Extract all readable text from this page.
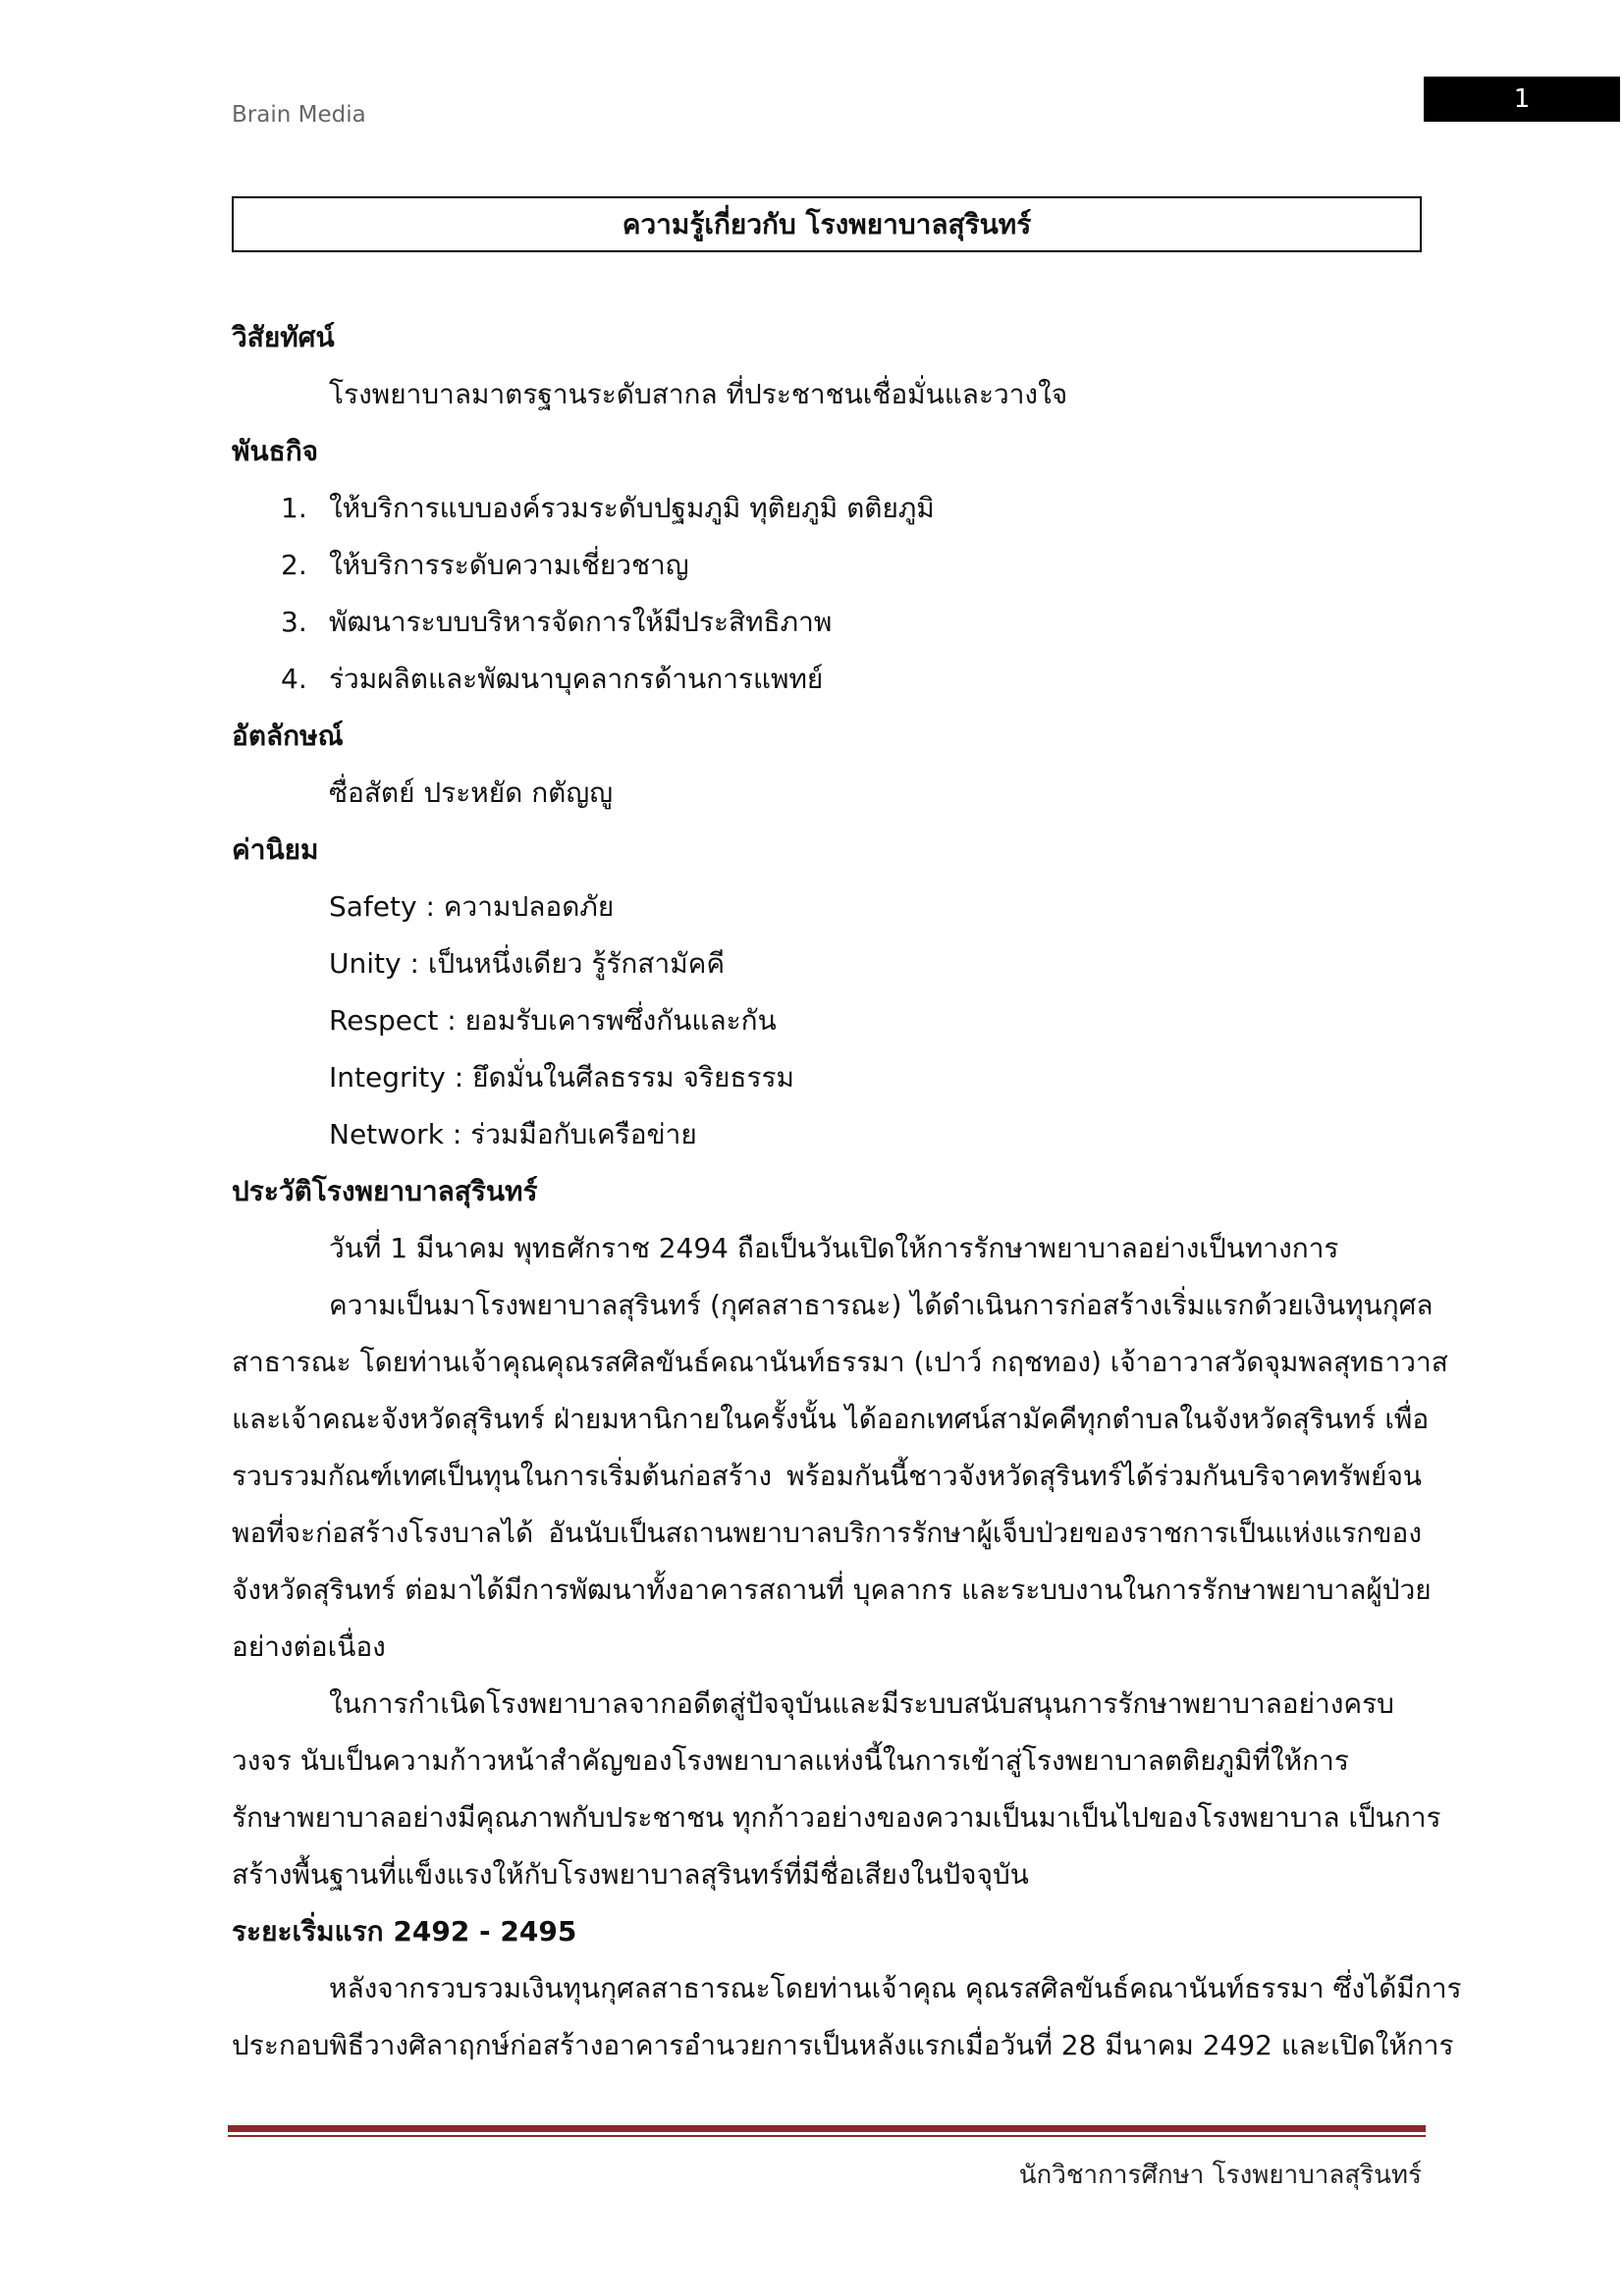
Brain Media
1
ความรู้เกี่ยวกับ โรงพยาบาลสุรินทร์
วิสัยทัศน์
โรงพยาบาลมาตรฐานระดับสากล ที่ประชาชนเชื่อมั่นและวางใจ
พันธกิจ
1. ให้บริการแบบองค์รวมระดับปฐมภูมิ ทุติยภูมิ ตติยภูมิ
2. ให้บริการระดับความเชี่ยวชาญ
3. พัฒนาระบบบริหารจัดการให้มีประสิทธิภาพ
4. ร่วมผลิตและพัฒนาบุคลากรด้านการแพทย์
อัตลักษณ์
ซื่อสัตย์ ประหยัด กตัญญู
ค่านิยม
Safety : ความปลอดภัย
Unity : เป็นหนึ่งเดียว รู้รักสามัคคี
Respect : ยอมรับเคารพซึ่งกันและกัน
Integrity : ยึดมั่นในศีลธรรม จริยธรรม
Network : ร่วมมือกับเครือข่าย
ประวัติโรงพยาบาลสุรินทร์
วันที่ 1 มีนาคม พุทธศักราช 2494 ถือเป็นวันเปิดให้การรักษาพยาบาลอย่างเป็นทางการ
ความเป็นมาโรงพยาบาลสุรินทร์ (กุศลสาธารณะ) ได้ดำเนินการก่อสร้างเริ่มแรกด้วยเงินทุนกุศล
สาธารณะ โดยท่านเจ้าคุณคุณรสศิลขันธ์คณานันท์ธรรมา (เปาว์ กฤชทอง) เจ้าอาวาสวัดจุมพลสุทธาวาส
และเจ้าคณะจังหวัดสุรินทร์ ฝ่ายมหานิกายในครั้งนั้น ได้ออกเทศน์สามัคคีทุกตำบลในจังหวัดสุรินทร์ เพื่อ
รวบรวมกัณฑ์เทศเป็นทุนในการเริ่มต้นก่อสร้าง พร้อมกันนี้ชาวจังหวัดสุรินทร์ได้ร่วมกันบริจาคทรัพย์จน
พอที่จะก่อสร้างโรงบาลได้ อันนับเป็นสถานพยาบาลบริการรักษาผู้เจ็บป่วยของราชการเป็นแห่งแรกของ
จังหวัดสุรินทร์ ต่อมาได้มีการพัฒนาทั้งอาคารสถานที่ บุคลากร และระบบงานในการรักษาพยาบาลผู้ป่วย
อย่างต่อเนื่อง
ในการกำเนิดโรงพยาบาลจากอดีตสู่ปัจจุบันและมีระบบสนับสนุนการรักษาพยาบาลอย่างครบ
วงจร นับเป็นความก้าวหน้าสำคัญของโรงพยาบาลแห่งนี้ในการเข้าสู่โรงพยาบาลตติยภูมิที่ให้การ
รักษาพยาบาลอย่างมีคุณภาพกับประชาชน ทุกก้าวอย่างของความเป็นมาเป็นไปของโรงพยาบาล เป็นการ
สร้างพื้นฐานที่แข็งแรงให้กับโรงพยาบาลสุรินทร์ที่มีชื่อเสียงในปัจจุบัน
ระยะเริ่มแรก 2492 - 2495
หลังจากรวบรวมเงินทุนกุศลสาธารณะโดยท่านเจ้าคุณ คุณรสศิลขันธ์คณานันท์ธรรมา ซึ่งได้มีการ
ประกอบพิธีวางศิลาฤกษ์ก่อสร้างอาคารอำนวยการเป็นหลังแรกเมื่อวันที่ 28 มีนาคม 2492 และเปิดให้การ
นักวิชาการศึกษา โรงพยาบาลสุรินทร์
